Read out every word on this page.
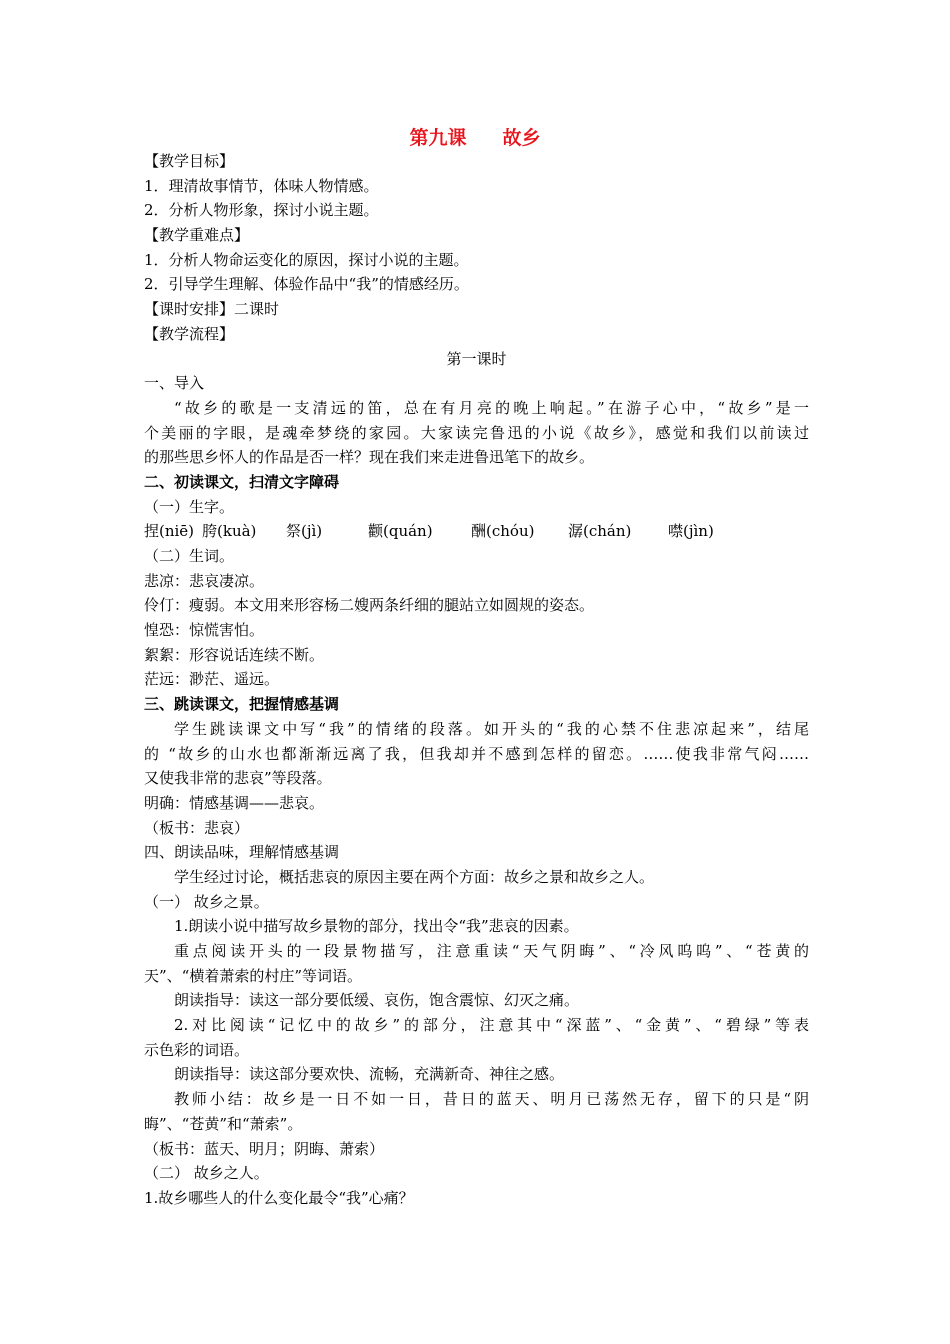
第九课 故乡
【教学目标】
1．理清故事情节，体味人物情感。
2．分析人物形象，探讨小说主题。
【教学重难点】
1．分析人物命运变化的原因，探讨小说的主题。
2．引导学生理解、体验作品中“我”的情感经历。
【课时安排】二课时
【教学流程】
第一课时
一、导入
“故乡的歌是一支清远的笛，总在有月亮的晚上响起。”在游子心中，“故乡”是一
个美丽的字眼，是魂牵梦绕的家园。大家读完鲁迅的小说《故乡》，感觉和我们以前读过
的那些思乡怀人的作品是否一样？现在我们来走进鲁迅笔下的故乡。
二、初读课文，扫清文字障碍
（一）生字。
捏(niē) 胯(kuà)	祭(jì)	颧(quán)	酬(chóu)	潺(chán)	噤(jìn)
（二）生词。
悲凉：悲哀凄凉。
伶仃：瘦弱。本文用来形容杨二嫂两条纤细的腿站立如圆规的姿态。
惶恐：惊慌害怕。
絮絮：形容说话连续不断。
茫远：渺茫、遥远。
三、跳读课文，把握情感基调
学生跳读课文中写“我”的情绪的段落。如开头的“我的心禁不住悲凉起来”，结尾
的 “故乡的山水也都渐渐远离了我，但我却并不感到怎样的留恋。……使我非常气闷……
又使我非常的悲哀”等段落。
明确：情感基调——悲哀。
（板书：悲哀）
四、朗读品味，理解情感基调
学生经过讨论，概括悲哀的原因主要在两个方面：故乡之景和故乡之人。
（一） 故乡之景。
1.朗读小说中描写故乡景物的部分，找出令“我”悲哀的因素。
重点阅读开头的一段景物描写，注意重读“天气阴晦”、“冷风呜呜”、“苍黄的
天”、“横着萧索的村庄”等词语。
朗读指导：读这一部分要低缓、哀伤，饱含震惊、幻灭之痛。
2.对比阅读“记忆中的故乡”的部分，注意其中“深蓝”、“金黄”、“碧绿”等表
示色彩的词语。
朗读指导：读这部分要欢快、流畅，充满新奇、神往之感。
教师小结：故乡是一日不如一日，昔日的蓝天、明月已荡然无存，留下的只是“阴
晦”、“苍黄”和“萧索”。
（板书：蓝天、明月；阴晦、萧索）
（二） 故乡之人。
1.故乡哪些人的什么变化最令“我”心痛？
